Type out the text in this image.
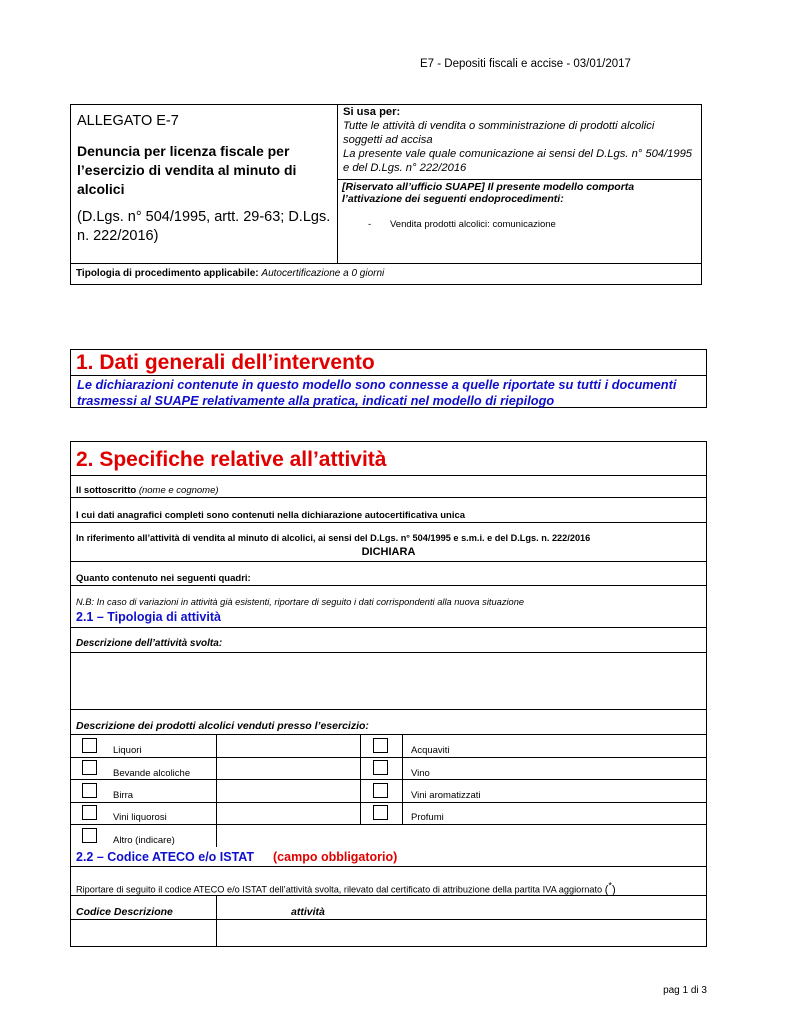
E7 - Depositi fiscali e accise - 03/01/2017
ALLEGATO E-7
Denuncia per licenza fiscale per l’esercizio di vendita al minuto di alcolici
(D.Lgs. n° 504/1995, artt. 29-63; D.Lgs. n. 222/2016)
Si usa per:
Tutte le attività di vendita o somministrazione di prodotti alcolici soggetti ad accisa
La presente vale quale comunicazione ai sensi del D.Lgs. n° 504/1995 e del D.Lgs. n° 222/2016
[Riservato all’ufficio SUAPE] Il presente modello comporta l’attivazione dei seguenti endoprocedimenti:
- Vendita prodotti alcolici: comunicazione
Tipologia di procedimento applicabile: Autocertificazione a 0 giorni
1. Dati generali dell’intervento
Le dichiarazioni contenute in questo modello sono connesse a quelle riportate su tutti i documenti trasmessi al SUAPE relativamente alla pratica, indicati nel modello di riepilogo
2. Specifiche relative all’attività
Il sottoscritto (nome e cognome)
I cui dati anagrafici completi sono contenuti nella dichiarazione autocertificativa unica
In riferimento all’attività di vendita al minuto di alcolici, ai sensi del D.Lgs. n° 504/1995 e s.m.i. e del D.Lgs. n. 222/2016
DICHIARA
Quanto contenuto nei seguenti quadri:
N.B: In caso di variazioni in attività già esistenti, riportare di seguito i dati corrispondenti alla nuova situazione
2.1 – Tipologia di attività
Descrizione dell’attività svolta:
Descrizione dei prodotti alcolici venduti presso l’esercizio:
Liquori
Bevande alcoliche
Birra
Vini liquorosi
Altro (indicare)
Acquaviti
Vino
Vini aromatizzati
Profumi
2.2 – Codice ATECO e/o ISTAT (campo obbligatorio)
Riportare di seguito il codice ATECO e/o ISTAT dell’attività svolta, rilevato dal certificato di attribuzione della partita IVA aggiornato (*)
Codice Descrizione	attività
pag 1 di 3
